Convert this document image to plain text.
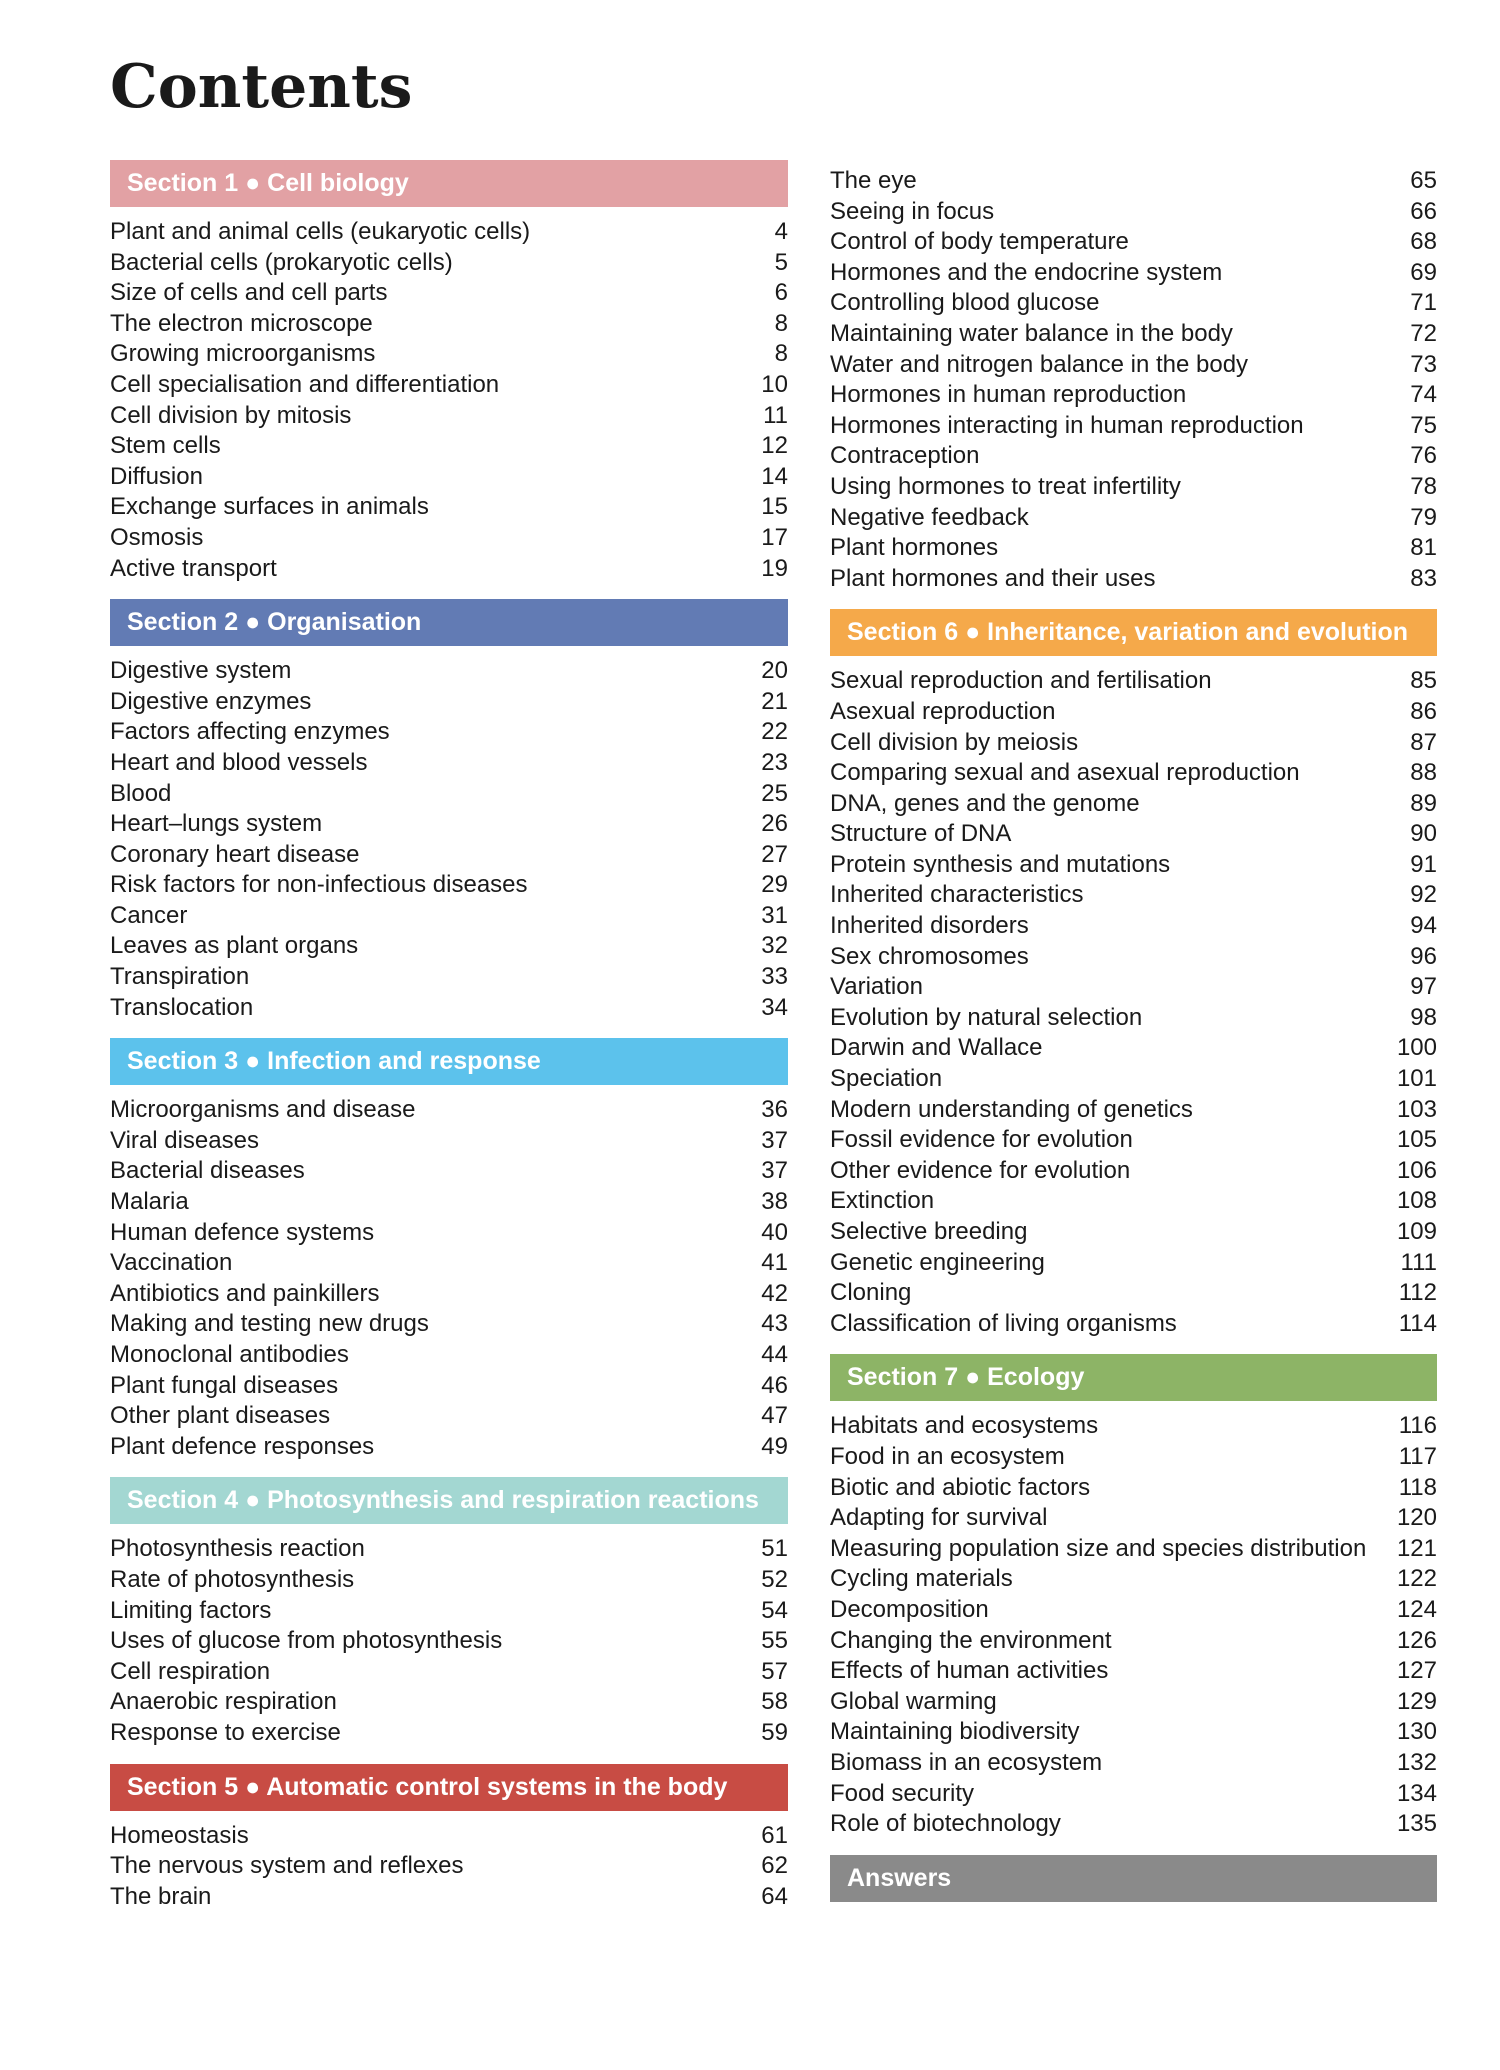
Contents
Section 1 ● Cell biology
Plant and animal cells (eukaryotic cells)	4
Bacterial cells (prokaryotic cells)	5
Size of cells and cell parts	6
The electron microscope	8
Growing microorganisms	8
Cell specialisation and differentiation	10
Cell division by mitosis	11
Stem cells	12
Diffusion	14
Exchange surfaces in animals	15
Osmosis	17
Active transport	19
Section 2 ● Organisation
Digestive system	20
Digestive enzymes	21
Factors affecting enzymes	22
Heart and blood vessels	23
Blood	25
Heart–lungs system	26
Coronary heart disease	27
Risk factors for non-infectious diseases	29
Cancer	31
Leaves as plant organs	32
Transpiration	33
Translocation	34
Section 3 ● Infection and response
Microorganisms and disease	36
Viral diseases	37
Bacterial diseases	37
Malaria	38
Human defence systems	40
Vaccination	41
Antibiotics and painkillers	42
Making and testing new drugs	43
Monoclonal antibodies	44
Plant fungal diseases	46
Other plant diseases	47
Plant defence responses	49
Section 4 ● Photosynthesis and respiration reactions
Photosynthesis reaction	51
Rate of photosynthesis	52
Limiting factors	54
Uses of glucose from photosynthesis	55
Cell respiration	57
Anaerobic respiration	58
Response to exercise	59
Section 5 ● Automatic control systems in the body
Homeostasis	61
The nervous system and reflexes	62
The brain	64
The eye	65
Seeing in focus	66
Control of body temperature	68
Hormones and the endocrine system	69
Controlling blood glucose	71
Maintaining water balance in the body	72
Water and nitrogen balance in the body	73
Hormones in human reproduction	74
Hormones interacting in human reproduction	75
Contraception	76
Using hormones to treat infertility	78
Negative feedback	79
Plant hormones	81
Plant hormones and their uses	83
Section 6 ● Inheritance, variation and evolution
Sexual reproduction and fertilisation	85
Asexual reproduction	86
Cell division by meiosis	87
Comparing sexual and asexual reproduction	88
DNA, genes and the genome	89
Structure of DNA	90
Protein synthesis and mutations	91
Inherited characteristics	92
Inherited disorders	94
Sex chromosomes	96
Variation	97
Evolution by natural selection	98
Darwin and Wallace	100
Speciation	101
Modern understanding of genetics	103
Fossil evidence for evolution	105
Other evidence for evolution	106
Extinction	108
Selective breeding	109
Genetic engineering	111
Cloning	112
Classification of living organisms	114
Section 7 ● Ecology
Habitats and ecosystems	116
Food in an ecosystem	117
Biotic and abiotic factors	118
Adapting for survival	120
Measuring population size and species distribution 121
Cycling materials	122
Decomposition	124
Changing the environment	126
Effects of human activities	127
Global warming	129
Maintaining biodiversity	130
Biomass in an ecosystem	132
Food security	134
Role of biotechnology	135
Answers
